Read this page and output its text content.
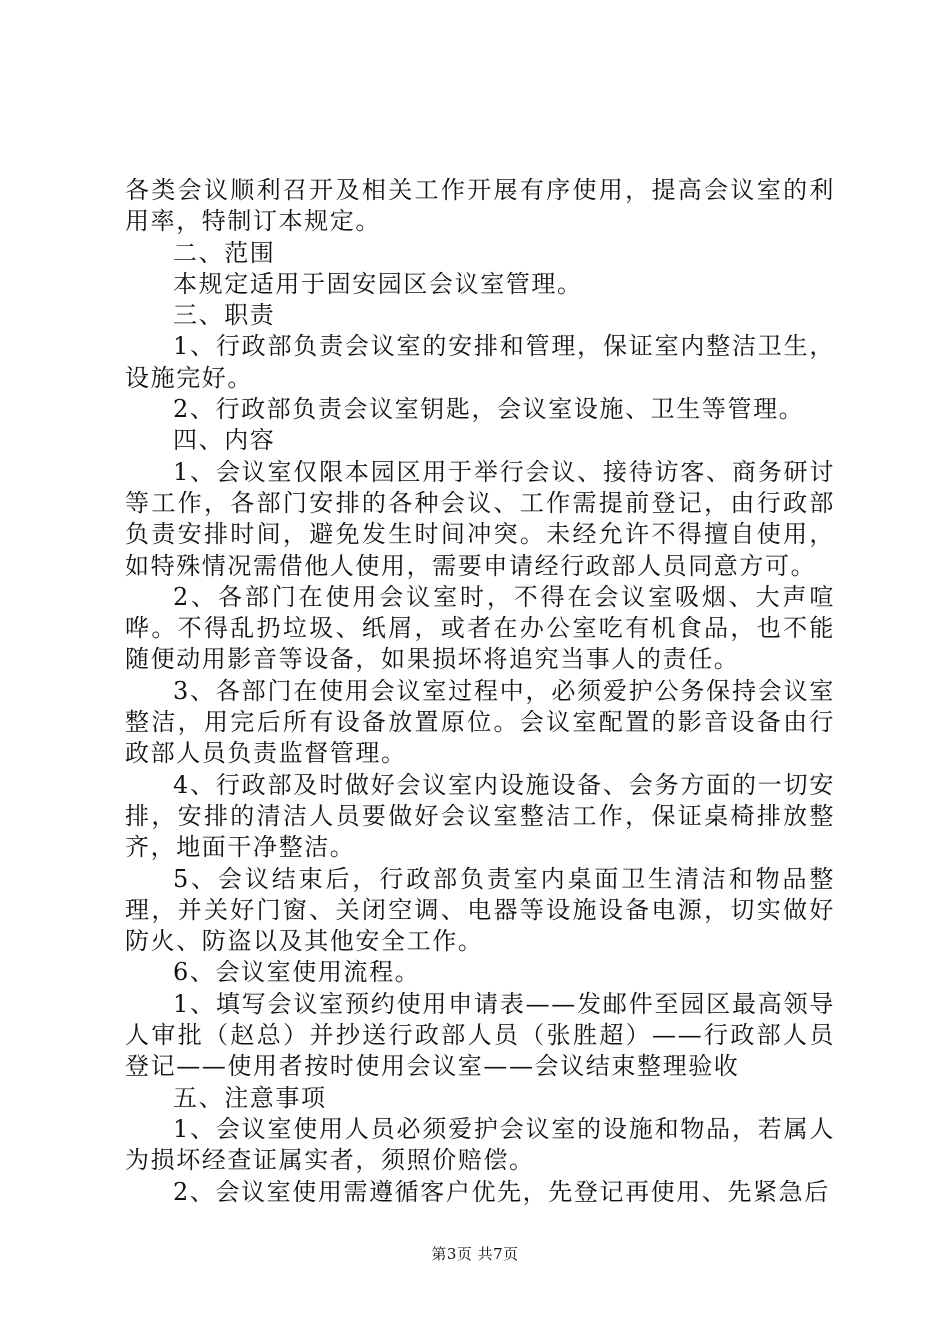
各类会议顺利召开及相关工作开展有序使用，提高会议室的利用率，特制订本规定。

二、范围

本规定适用于固安园区会议室管理。

三、职责

1、行政部负责会议室的安排和管理，保证室内整洁卫生，设施完好。

2、行政部负责会议室钥匙，会议室设施、卫生等管理。

四、内容

1、会议室仅限本园区用于举行会议、接待访客、商务研讨等工作，各部门安排的各种会议、工作需提前登记，由行政部负责安排时间，避免发生时间冲突。未经允许不得擅自使用，如特殊情况需借他人使用，需要申请经行政部人员同意方可。

2、各部门在使用会议室时，不得在会议室吸烟、大声喧哗。不得乱扔垃圾、纸屑，或者在办公室吃有机食品，也不能随便动用影音等设备，如果损坏将追究当事人的责任。

3、各部门在使用会议室过程中，必须爱护公务保持会议室整洁，用完后所有设备放置原位。会议室配置的影音设备由行政部人员负责监督管理。

4、行政部及时做好会议室内设施设备、会务方面的一切安排，安排的清洁人员要做好会议室整洁工作，保证桌椅排放整齐，地面干净整洁。

5、会议结束后，行政部负责室内桌面卫生清洁和物品整理，并关好门窗、关闭空调、电器等设施设备电源，切实做好防火、防盗以及其他安全工作。

6、会议室使用流程。

1、填写会议室预约使用申请表——发邮件至园区最高领导人审批（赵总）并抄送行政部人员（张胜超）——行政部人员登记——使用者按时使用会议室——会议结束整理验收

五、注意事项

1、会议室使用人员必须爱护会议室的设施和物品，若属人为损坏经查证属实者，须照价赔偿。

2、会议室使用需遵循客户优先，先登记再使用、先紧急后

第3页 共7页
